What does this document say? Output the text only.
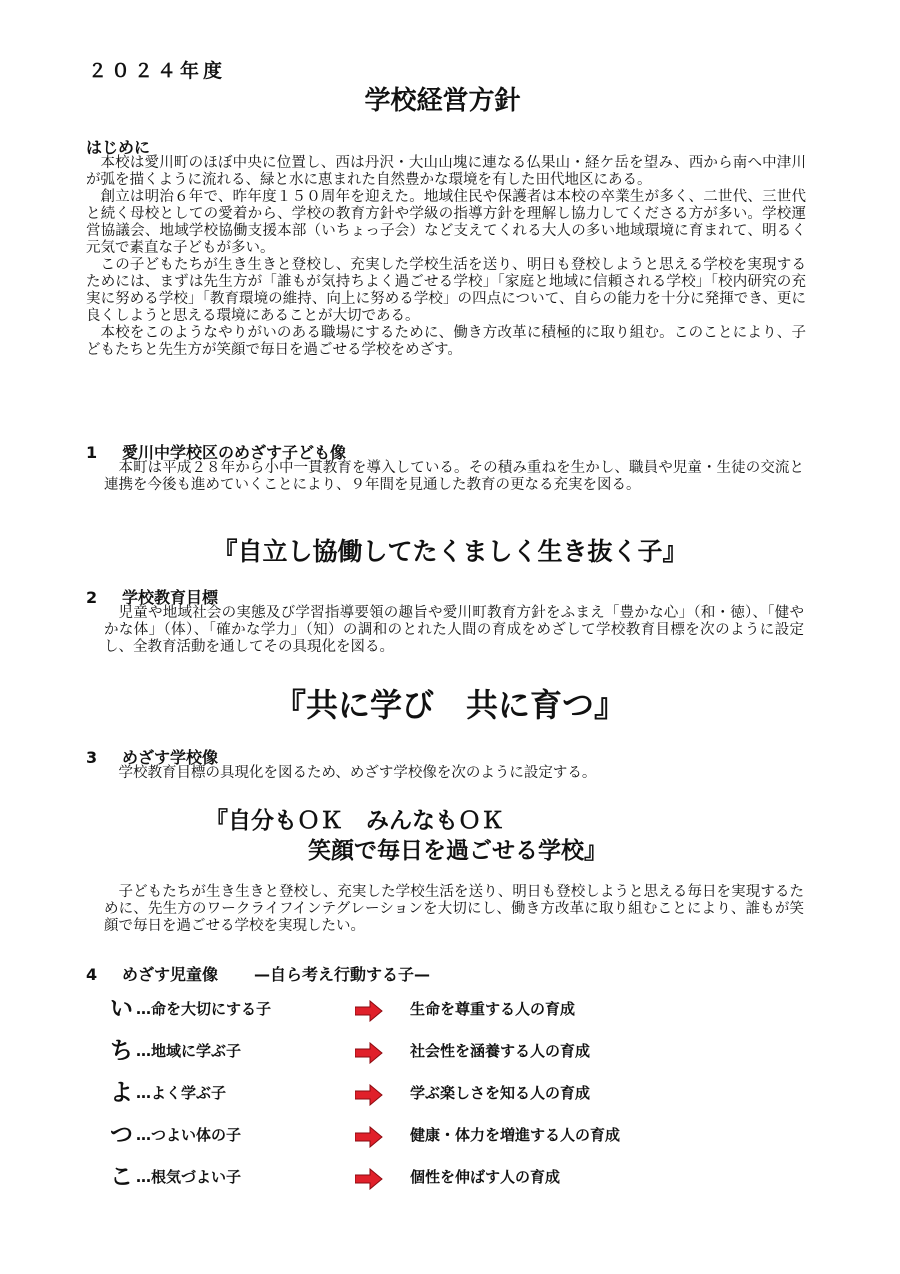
２０２４年度
学校経営方針
はじめに

本校は愛川町のほぼ中央に位置し、西は丹沢・大山山塊に連なる仏果山・経ケ岳を望み、西から南へ中津川が弧を描くように流れる、緑と水に恵まれた自然豊かな環境を有した田代地区にある。

創立は明治６年で、昨年度１５０周年を迎えた。地域住民や保護者は本校の卒業生が多く、二世代、三世代と続く母校としての愛着から、学校の教育方針や学級の指導方針を理解し協力してくださる方が多い。学校運営協議会、地域学校協働支援本部（いちょっ子会）など支えてくれる大人の多い地域環境に育まれて、明るく元気で素直な子どもが多い。

この子どもたちが生き生きと登校し、充実した学校生活を送り、明日も登校しようと思える学校を実現するためには、まずは先生方が「誰もが気持ちよく過ごせる学校」「家庭と地域に信頼される学校」「校内研究の充実に努める学校」「教育環境の維持、向上に努める学校」の四点について、自らの能力を十分に発揮でき、更に良くしようと思える環境にあることが大切である。

本校をこのようなやりがいのある職場にするために、働き方改革に積極的に取り組む。このことにより、子どもたちと先生方が笑顔で毎日を過ごせる学校をめざす。

1 愛川中学校区のめざす子ども像

本町は平成２８年から小中一貫教育を導入している。その積み重ねを生かし、職員や児童・生徒の交流と連携を今後も進めていくことにより、９年間を見通した教育の更なる充実を図る。

『自立し協働してたくましく生き抜く子』
2 学校教育目標

児童や地域社会の実態及び学習指導要領の趣旨や愛川町教育方針をふまえ「豊かな心」（和・徳）、「健やかな体」（体）、「確かな学力」（知）の調和のとれた人間の育成をめざして学校教育目標を次のように設定し、全教育活動を通してその具現化を図る。

『共に学び　共に育つ』
3 めざす学校像

学校教育目標の具現化を図るため、めざす学校像を次のように設定する。

『自分もＯＫ　みんなもＯＫ
笑顔で毎日を過ごせる学校』

子どもたちが生き生きと登校し、充実した学校生活を送り、明日も登校しようと思える毎日を実現するために、先生方のワークライフインテグレーションを大切にし、働き方改革に取り組むことにより、誰もが笑顔で毎日を過ごせる学校を実現したい。

4 めざす児童像 —自ら考え行動する子—
い …命を大切にする子	生命を尊重する人の育成
ち …地域に学ぶ子	社会性を涵養する人の育成
よ …よく学ぶ子	学ぶ楽しさを知る人の育成
つ …つよい体の子	健康・体力を増進する人の育成
こ …根気づよい子	個性を伸ばす人の育成
